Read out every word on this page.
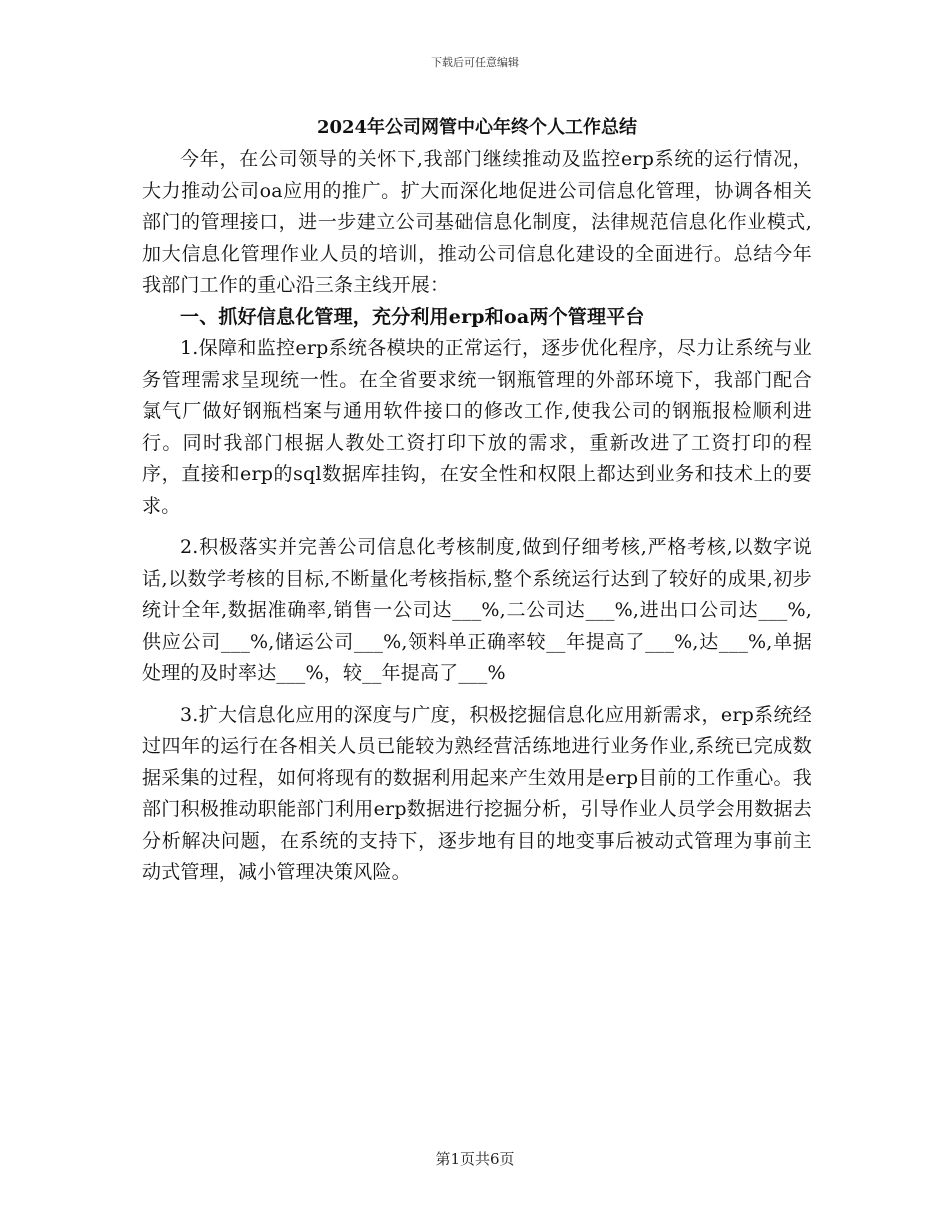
下载后可任意编辑

2024年公司网管中心年终个人工作总结

今年，在公司领导的关怀下,我部门继续推动及监控erp系统的运行情况，大力推动公司oa应用的推广。扩大而深化地促进公司信息化管理，协调各相关部门的管理接口，进一步建立公司基础信息化制度，法律规范信息化作业模式,加大信息化管理作业人员的培训，推动公司信息化建设的全面进行。总结今年我部门工作的重心沿三条主线开展：

一、抓好信息化管理，充分利用erp和oa两个管理平台

1.保障和监控erp系统各模块的正常运行，逐步优化程序，尽力让系统与业务管理需求呈现统一性。在全省要求统一钢瓶管理的外部环境下，我部门配合氯气厂做好钢瓶档案与通用软件接口的修改工作,使我公司的钢瓶报检顺利进行。同时我部门根据人教处工资打印下放的需求，重新改进了工资打印的程序，直接和erp的sql数据库挂钩，在安全性和权限上都达到业务和技术上的要求。

2.积极落实并完善公司信息化考核制度,做到仔细考核,严格考核,以数字说话,以数学考核的目标,不断量化考核指标,整个系统运行达到了较好的成果,初步统计全年,数据准确率,销售一公司达___%,二公司达___%,进出口公司达___%,供应公司___%,储运公司___%,领料单正确率较__年提高了___%,达___%,单据处理的及时率达___%，较__年提高了___%

3.扩大信息化应用的深度与广度，积极挖掘信息化应用新需求，erp系统经过四年的运行在各相关人员已能较为熟经营活练地进行业务作业,系统已完成数据采集的过程，如何将现有的数据利用起来产生效用是erp目前的工作重心。我部门积极推动职能部门利用erp数据进行挖掘分析，引导作业人员学会用数据去分析解决问题，在系统的支持下，逐步地有目的地变事后被动式管理为事前主动式管理，减小管理决策风险。

第1页共6页
